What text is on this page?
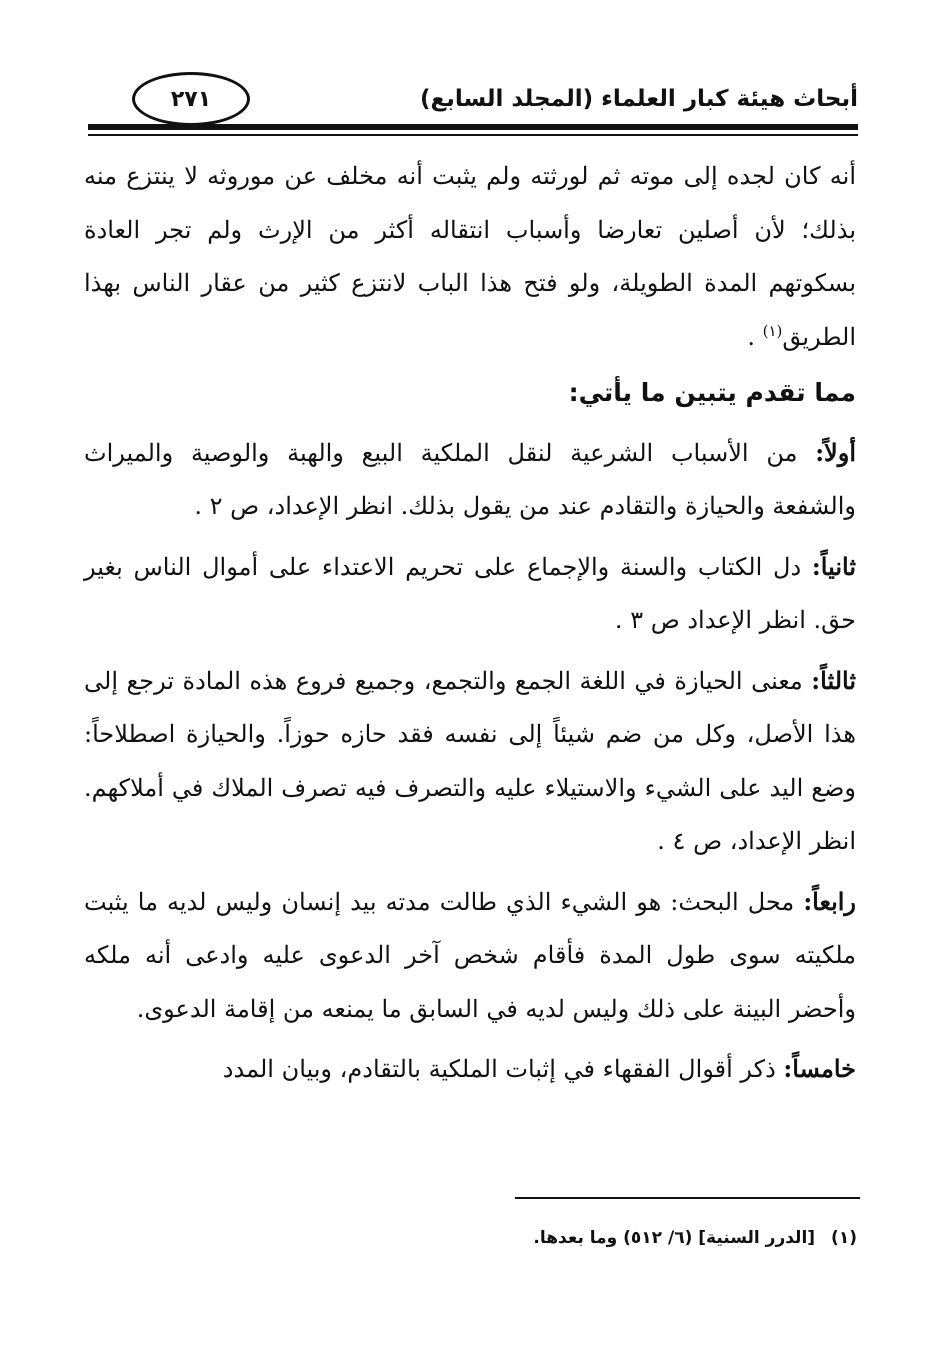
٢٧١	أبحاث هيئة كبار العلماء (المجلد السابع)

أنه كان لجده إلى موته ثم لورثته ولم يثبت أنه مخلف عن موروثه لا ينتزع منه بذلك؛ لأن أصلين تعارضا وأسباب انتقاله أكثر من الإرث ولم تجر العادة بسكوتهم المدة الطويلة، ولو فتح هذا الباب لانتزع كثير من عقار الناس بهذا الطريق$^{(١)}$ .

مما تقدم يتبين ما يأتي:

أولاً: من الأسباب الشرعية لنقل الملكية البيع والهبة والوصية والميراث والشفعة والحيازة والتقادم عند من يقول بذلك. انظر الإعداد، ص ٢ .

ثانياً: دل الكتاب والسنة والإجماع على تحريم الاعتداء على أموال الناس بغير حق. انظر الإعداد ص ٣ .

ثالثاً: معنى الحيازة في اللغة الجمع والتجمع، وجميع فروع هذه المادة ترجع إلى هذا الأصل، وكل من ضم شيئاً إلى نفسه فقد حازه حوزاً. والحيازة اصطلاحاً: وضع اليد على الشيء والاستيلاء عليه والتصرف فيه تصرف الملاك في أملاكهم. انظر الإعداد، ص ٤ .

رابعاً: محل البحث: هو الشيء الذي طالت مدته بيد إنسان وليس لديه ما يثبت ملكيته سوى طول المدة فأقام شخص آخر الدعوى عليه وادعى أنه ملكه وأحضر البينة على ذلك وليس لديه في السابق ما يمنعه من إقامة الدعوى.

خامساً: ذكر أقوال الفقهاء في إثبات الملكية بالتقادم، وبيان المدد

(١)[الدرر السنية] (٦/ ٥١٢) وما بعدها.
